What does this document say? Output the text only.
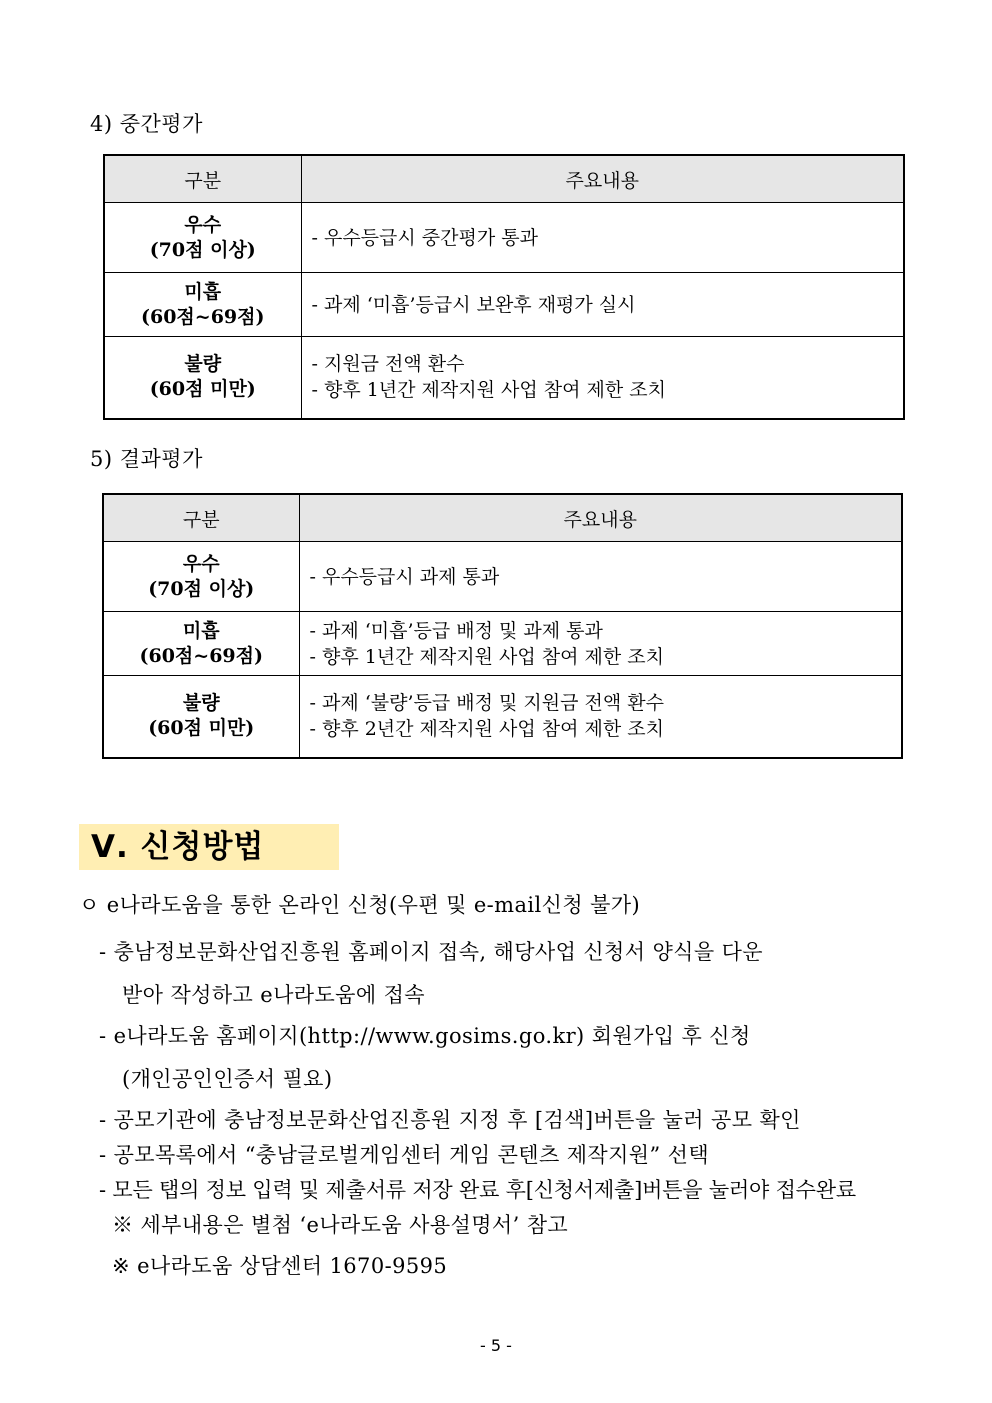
4) 중간평가
구분	주요내용

우수
(70점 이상)	- 우수등급시 중간평가 통과

미흡
(60점~69점)	- 과제 ‘미흡’등급시 보완후 재평가 실시

불량
(60점 미만)	- 지원금 전액 환수
- 향후 1년간 제작지원 사업 참여 제한 조치
5) 결과평가
구분	주요내용

우수
(70점 이상)	- 우수등급시 과제 통과

미흡
(60점~69점)	- 과제 ‘미흡’등급 배정 및 과제 통과
- 향후 1년간 제작지원 사업 참여 제한 조치

불량
(60점 미만)	- 과제 ‘불량’등급 배정 및 지원금 전액 환수
- 향후 2년간 제작지원 사업 참여 제한 조치
Ⅴ. 신청방법
ㅇ e나라도움을 통한 온라인 신청(우편 및 e-mail신청 불가)
- 충남정보문화산업진흥원 홈페이지 접속, 해당사업 신청서 양식을 다운
받아 작성하고 e나라도움에 접속
- e나라도움 홈페이지(http://www.gosims.go.kr) 회원가입 후 신청
(개인공인인증서 필요)
- 공모기관에 충남정보문화산업진흥원 지정 후 [검색]버튼을 눌러 공모 확인
- 공모목록에서 “충남글로벌게임센터 게임 콘텐츠 제작지원” 선택
- 모든 탭의 정보 입력 및 제출서류 저장 완료 후[신청서제출]버튼을 눌러야 접수완료
※ 세부내용은 별첨 ‘e나라도움 사용설명서’ 참고
※ e나라도움 상담센터 1670-9595
- 5 -
